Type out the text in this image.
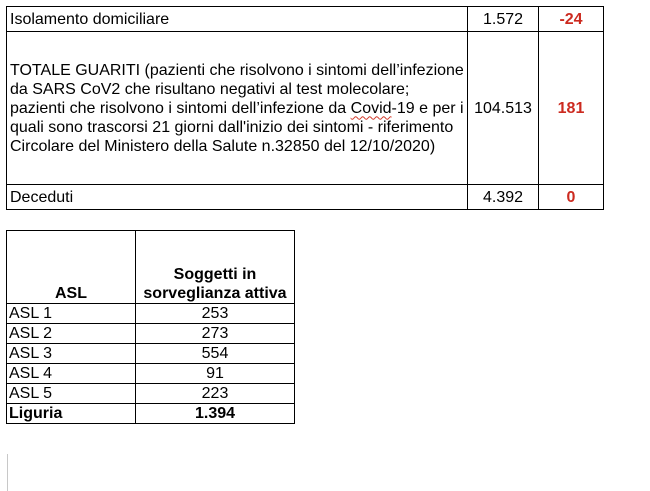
Isolamento domiciliare	1.572	-24
TOTALE GUARITI (pazienti che risolvono i sintomi dell’infezione da SARS CoV2 che risultano negativi al test molecolare; pazienti che risolvono i sintomi dell’infezione da Covid-19 e per i quali sono trascorsi 21 giorni dall'inizio dei sintomi - riferimento Circolare del Ministero della Salute n.32850 del 12/10/2020)	104.513	181
Deceduti	4.392	0
ASL	Soggetti in sorveglianza attiva
ASL 1	253
ASL 2	273
ASL 3	554
ASL 4	91
ASL 5	223
Liguria	1.394
